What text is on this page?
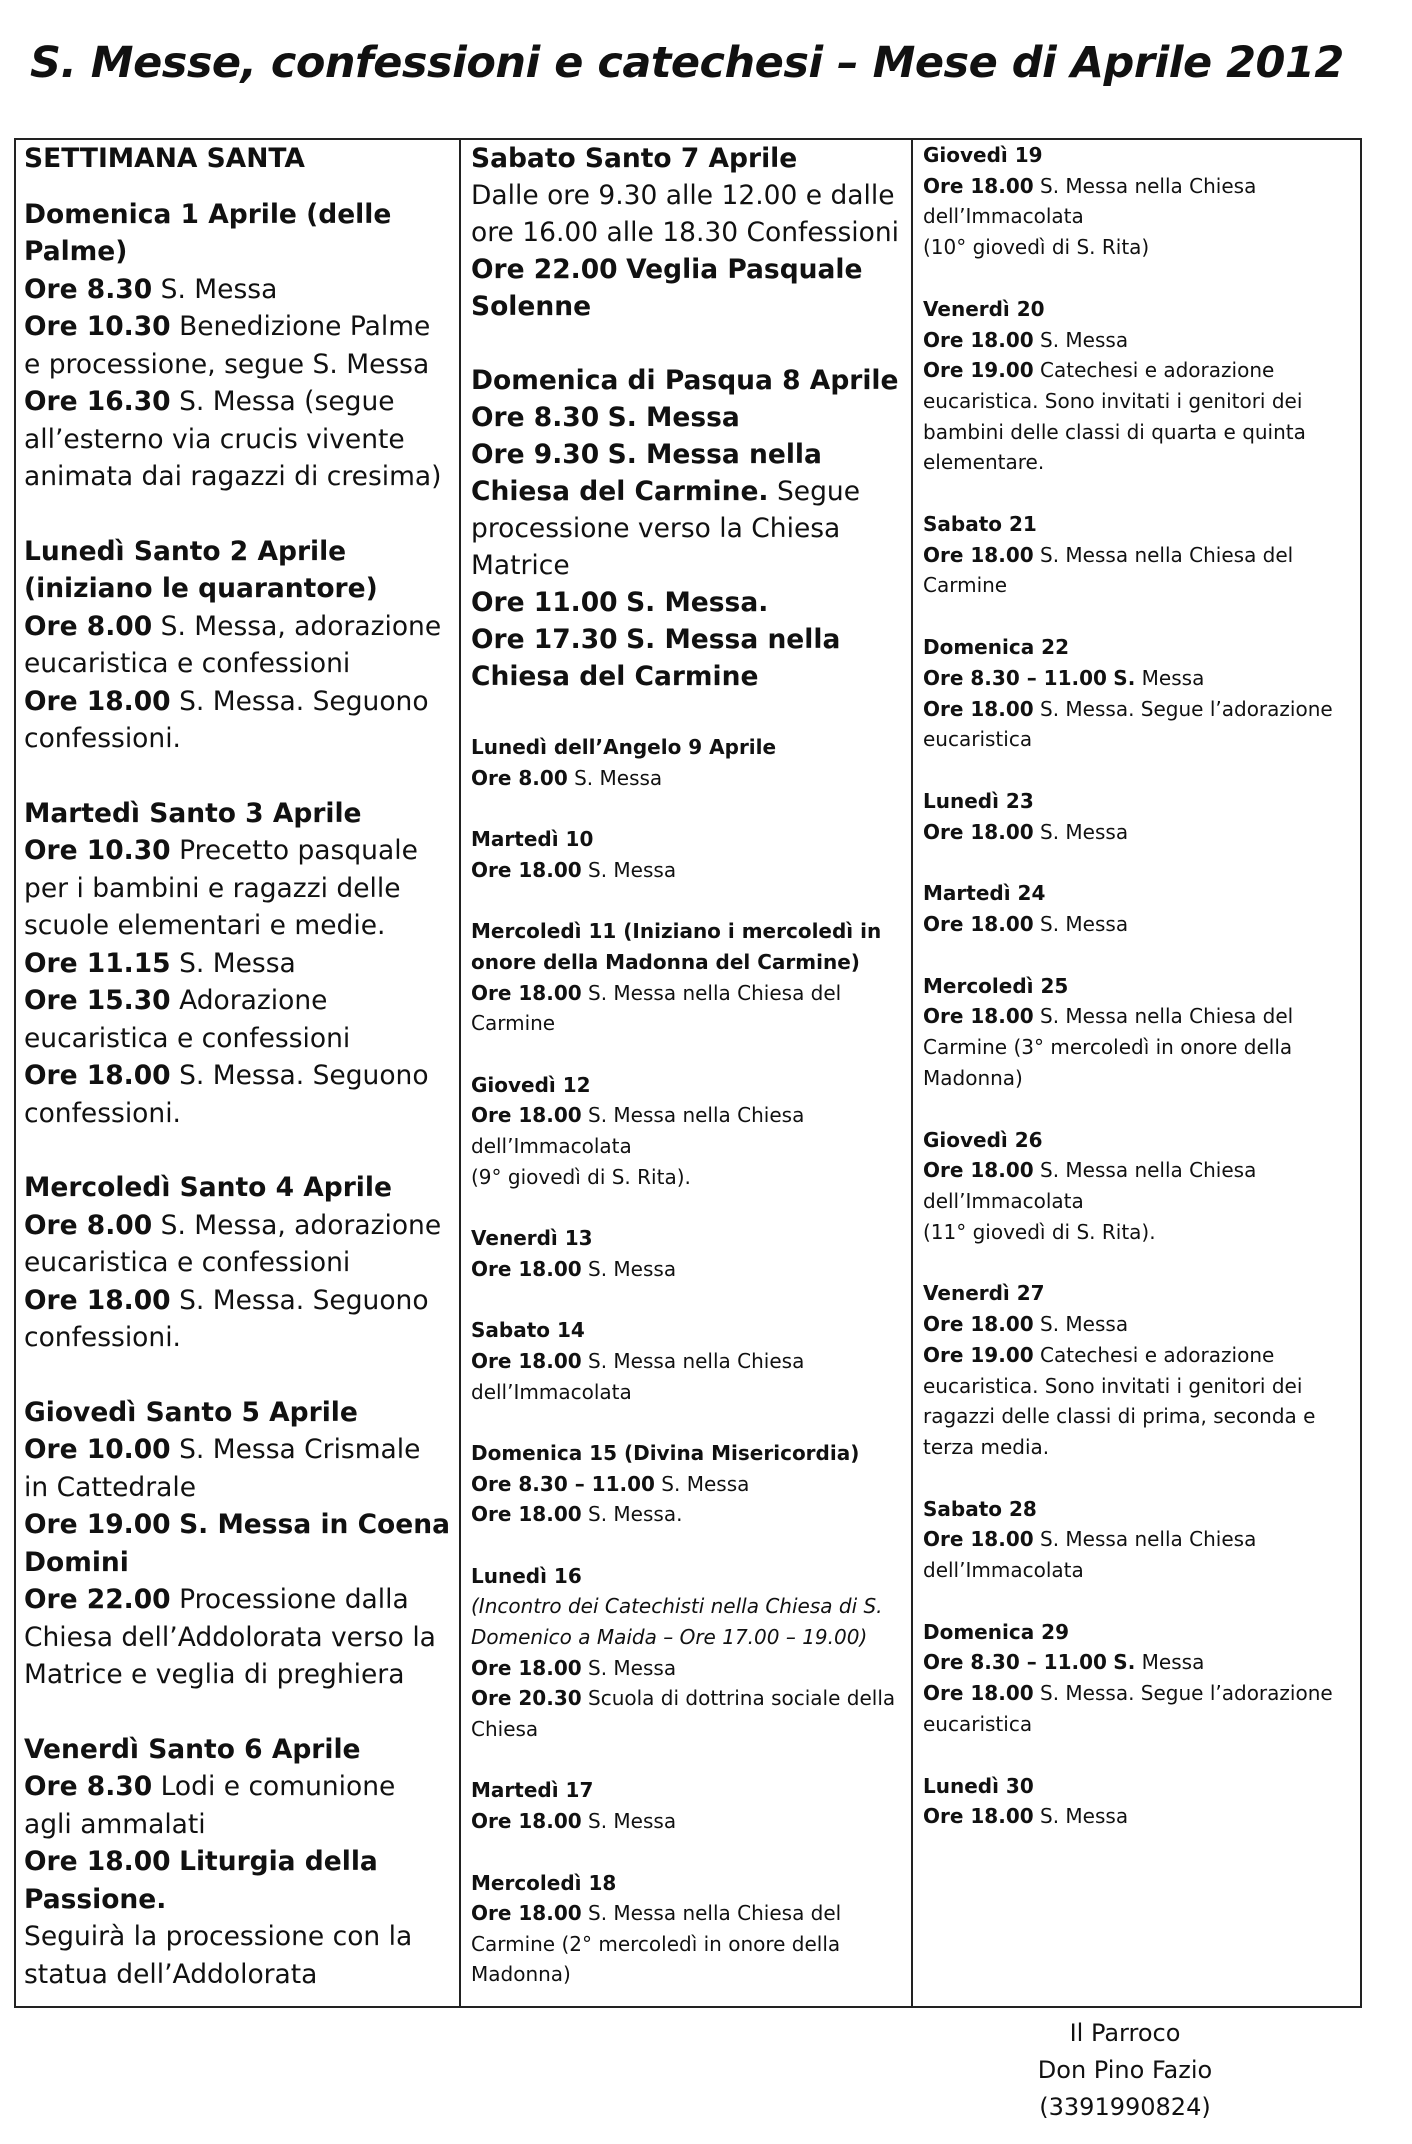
S. Messe, confessioni e catechesi – Mese di Aprile 2012
SETTIMANA SANTA
Domenica 1 Aprile (delle Palme)
Ore 8.30 S. Messa
Ore 10.30 Benedizione Palme e processione, segue S. Messa
Ore 16.30 S. Messa (segue all’esterno via crucis vivente animata dai ragazzi di cresima)
Lunedì Santo 2 Aprile (iniziano le quarantore)
Ore 8.00 S. Messa, adorazione eucaristica e confessioni
Ore 18.00 S. Messa. Seguono confessioni.
Martedì Santo 3 Aprile
Ore 10.30 Precetto pasquale per i bambini e ragazzi delle scuole elementari e medie.
Ore 11.15 S. Messa
Ore 15.30 Adorazione eucaristica e confessioni
Ore 18.00 S. Messa. Seguono confessioni.
Mercoledì Santo 4 Aprile
Ore 8.00 S. Messa, adorazione eucaristica e confessioni
Ore 18.00 S. Messa. Seguono confessioni.
Giovedì Santo 5 Aprile
Ore 10.00 S. Messa Crismale in Cattedrale
Ore 19.00 S. Messa in Coena Domini
Ore 22.00 Processione dalla Chiesa dell’Addolorata verso la Matrice e veglia di preghiera
Venerdì Santo 6 Aprile
Ore 8.30 Lodi e comunione agli ammalati
Ore 18.00 Liturgia della Passione.
Seguirà la processione con la statua dell’Addolorata
Sabato Santo 7 Aprile
Dalle ore 9.30 alle 12.00 e dalle ore 16.00 alle 18.30 Confessioni
Ore 22.00 Veglia Pasquale Solenne
Domenica di Pasqua 8 Aprile
Ore 8.30 S. Messa
Ore 9.30 S. Messa nella Chiesa del Carmine. Segue processione verso la Chiesa Matrice
Ore 11.00 S. Messa.
Ore 17.30 S. Messa nella Chiesa del Carmine
Lunedì dell’Angelo 9 Aprile
Ore 8.00 S. Messa
Martedì 10
Ore 18.00 S. Messa
Mercoledì 11 (Iniziano i mercoledì in onore della Madonna del Carmine)
Ore 18.00 S. Messa nella Chiesa del Carmine
Giovedì 12
Ore 18.00 S. Messa nella Chiesa dell’Immacolata
(9° giovedì di S. Rita).
Venerdì 13
Ore 18.00 S. Messa
Sabato 14
Ore 18.00 S. Messa nella Chiesa dell’Immacolata
Domenica 15 (Divina Misericordia)
Ore 8.30 – 11.00 S. Messa
Ore 18.00 S. Messa.
Lunedì 16
(Incontro dei Catechisti nella Chiesa di S. Domenico a Maida – Ore 17.00 – 19.00)
Ore 18.00 S. Messa
Ore 20.30 Scuola di dottrina sociale della Chiesa
Martedì 17
Ore 18.00 S. Messa
Mercoledì 18
Ore 18.00 S. Messa nella Chiesa del Carmine (2° mercoledì in onore della Madonna)
Giovedì 19
Ore 18.00 S. Messa nella Chiesa dell’Immacolata
(10° giovedì di S. Rita)
Venerdì 20
Ore 18.00 S. Messa
Ore 19.00 Catechesi e adorazione eucaristica. Sono invitati i genitori dei bambini delle classi di quarta e quinta elementare.
Sabato 21
Ore 18.00 S. Messa nella Chiesa del Carmine
Domenica 22
Ore 8.30 – 11.00 S. Messa
Ore 18.00 S. Messa. Segue l’adorazione eucaristica
Lunedì 23
Ore 18.00 S. Messa
Martedì 24
Ore 18.00 S. Messa
Mercoledì 25
Ore 18.00 S. Messa nella Chiesa del Carmine (3° mercoledì in onore della Madonna)
Giovedì 26
Ore 18.00 S. Messa nella Chiesa dell’Immacolata
(11° giovedì di S. Rita).
Venerdì 27
Ore 18.00 S. Messa
Ore 19.00 Catechesi e adorazione eucaristica. Sono invitati i genitori dei ragazzi delle classi di prima, seconda e terza media.
Sabato 28
Ore 18.00 S. Messa nella Chiesa dell’Immacolata
Domenica 29
Ore 8.30 – 11.00 S. Messa
Ore 18.00 S. Messa. Segue l’adorazione eucaristica
Lunedì 30
Ore 18.00 S. Messa
Il Parroco
Don Pino Fazio (3391990824)
